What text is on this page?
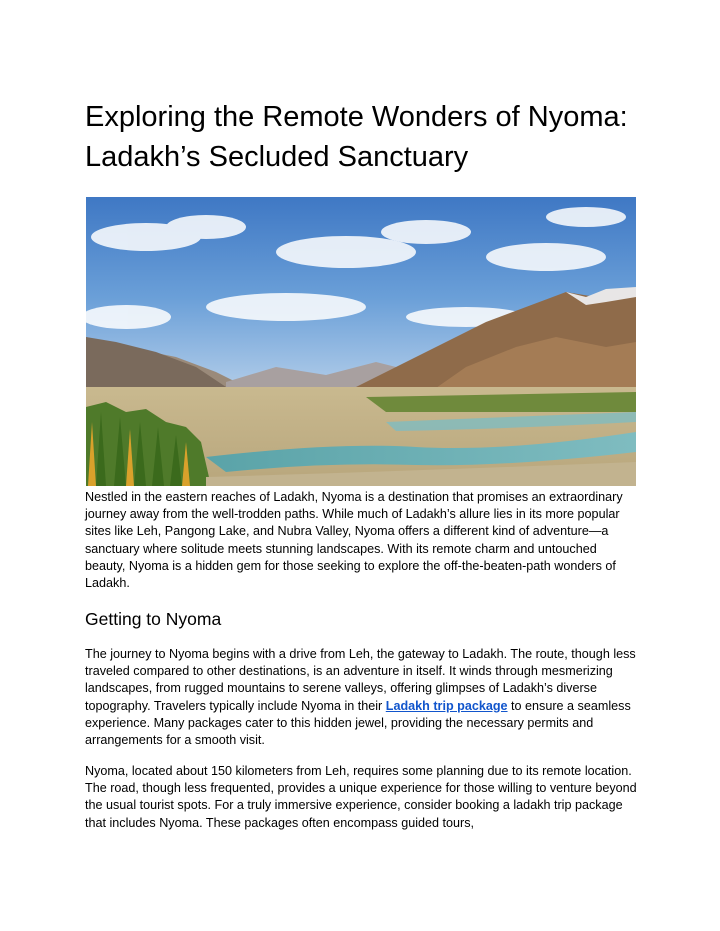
Exploring the Remote Wonders of Nyoma: Ladakh’s Secluded Sanctuary

Nestled in the eastern reaches of Ladakh, Nyoma is a destination that promises an extraordinary journey away from the well-trodden paths. While much of Ladakh’s allure lies in its more popular sites like Leh, Pangong Lake, and Nubra Valley, Nyoma offers a different kind of adventure—a sanctuary where solitude meets stunning landscapes. With its remote charm and untouched beauty, Nyoma is a hidden gem for those seeking to explore the off-the-beaten-path wonders of Ladakh.

Getting to Nyoma

The journey to Nyoma begins with a drive from Leh, the gateway to Ladakh. The route, though less traveled compared to other destinations, is an adventure in itself. It winds through mesmerizing landscapes, from rugged mountains to serene valleys, offering glimpses of Ladakh’s diverse topography. Travelers typically include Nyoma in their Ladakh trip package to ensure a seamless experience. Many packages cater to this hidden jewel, providing the necessary permits and arrangements for a smooth visit.

Nyoma, located about 150 kilometers from Leh, requires some planning due to its remote location. The road, though less frequented, provides a unique experience for those willing to venture beyond the usual tourist spots. For a truly immersive experience, consider booking a ladakh trip package that includes Nyoma. These packages often encompass guided tours,
